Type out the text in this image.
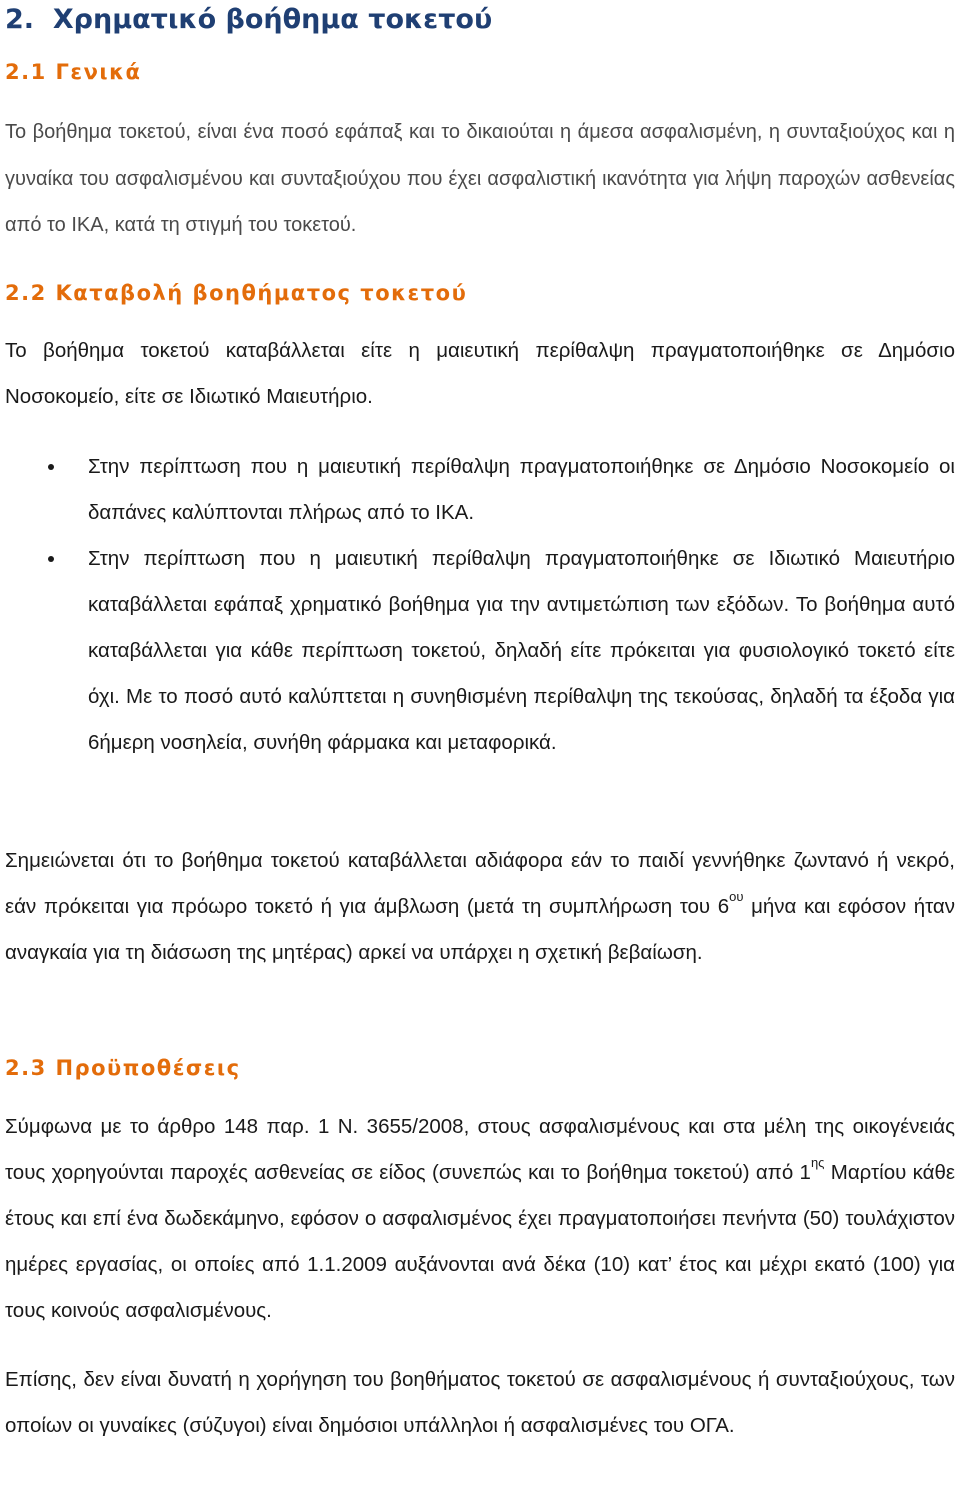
2. Χρηματικό βοήθημα τοκετού
2.1 Γενικά

Το βοήθημα τοκετού, είναι ένα ποσό εφάπαξ και το δικαιούται η άμεσα ασφαλισμένη, η συνταξιούχος και η γυναίκα του ασφαλισμένου και συνταξιούχου που έχει ασφαλιστική ικανότητα για λήψη παροχών ασθενείας από το ΙΚΑ, κατά τη στιγμή του τοκετού.

2.2 Καταβολή βοηθήματος τοκετού

Το βοήθημα τοκετού καταβάλλεται είτε η μαιευτική περίθαλψη πραγματοποιήθηκε σε Δημόσιο Νοσοκομείο, είτε σε Ιδιωτικό Μαιευτήριο.

Στην περίπτωση που η μαιευτική περίθαλψη πραγματοποιήθηκε σε Δημόσιο Νοσοκομείο οι δαπάνες καλύπτονται πλήρως από το ΙΚΑ.
Στην περίπτωση που η μαιευτική περίθαλψη πραγματοποιήθηκε σε Ιδιωτικό Μαιευτήριο καταβάλλεται εφάπαξ χρηματικό βοήθημα για την αντιμετώπιση των εξόδων. Το βοήθημα αυτό καταβάλλεται για κάθε περίπτωση τοκετού, δηλαδή είτε πρόκειται για φυσιολογικό τοκετό είτε όχι. Με το ποσό αυτό καλύπτεται η συνηθισμένη περίθαλψη της τεκούσας, δηλαδή τα έξοδα για 6ήμερη νοσηλεία, συνήθη φάρμακα και μεταφορικά.

Σημειώνεται ότι το βοήθημα τοκετού καταβάλλεται αδιάφορα εάν το παιδί γεννήθηκε ζωντανό ή νεκρό, εάν πρόκειται για πρόωρο τοκετό ή για άμβλωση (μετά τη συμπλήρωση του $6^{o\upsilon}$ μήνα και εφόσον ήταν αναγκαία για τη διάσωση της μητέρας) αρκεί να υπάρχει η σχετική βεβαίωση.

2.3 Προϋποθέσεις

Σύμφωνα με το άρθρο 148 παρ. 1 Ν. 3655/2008, στους ασφαλισμένους και στα μέλη της οικογένειάς τους χορηγούνται παροχές ασθενείας σε είδος (συνεπώς και το βοήθημα τοκετού) από $1^{\eta\varsigma}$ Μαρτίου κάθε έτους και επί ένα δωδεκάμηνο, εφόσον ο ασφαλισμένος έχει πραγματοποιήσει πενήντα (50) τουλάχιστον ημέρες εργασίας, οι οποίες από 1.1.2009 αυξάνονται ανά δέκα (10) κατ’ έτος και μέχρι εκατό (100) για τους κοινούς ασφαλισμένους.

Επίσης, δεν είναι δυνατή η χορήγηση του βοηθήματος τοκετού σε ασφαλισμένους ή συνταξιούχους, των οποίων οι γυναίκες (σύζυγοι) είναι δημόσιοι υπάλληλοι ή ασφαλισμένες του ΟΓΑ.
